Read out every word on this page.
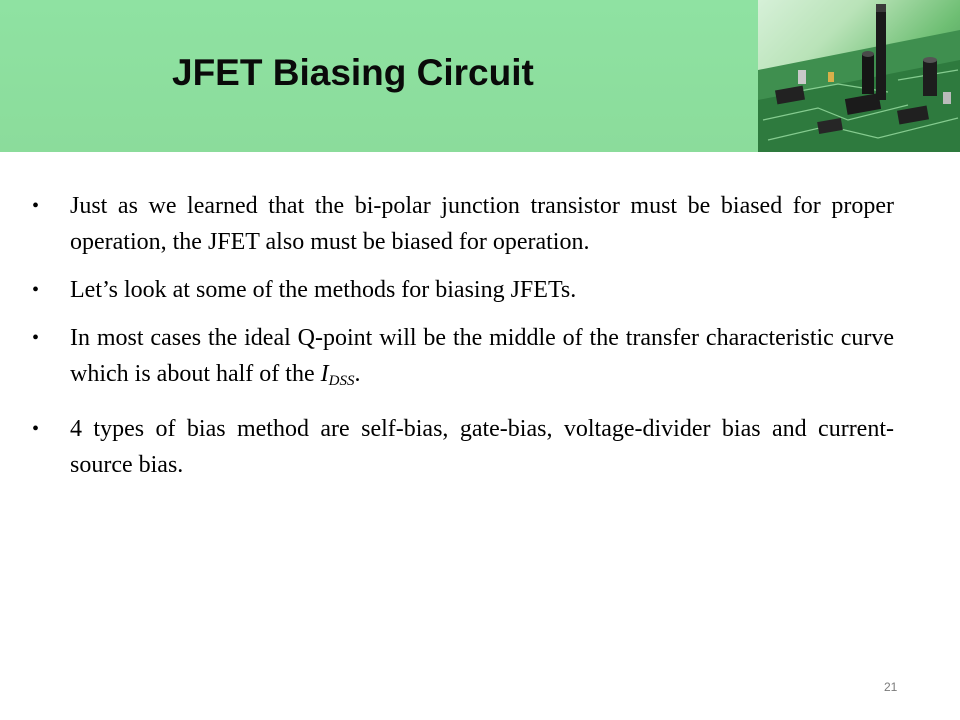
JFET Biasing Circuit
• Just as we learned that the bi-polar junction transistor must be biased for proper operation, the JFET also must be biased for operation.
• Let’s look at some of the methods for biasing JFETs.
• In most cases the ideal Q-point will be the middle of the transfer characteristic curve which is about half of the $I_{DSS}$.
• 4 types of bias method are self-bias, gate-bias, voltage-divider bias and current-source bias.
21
